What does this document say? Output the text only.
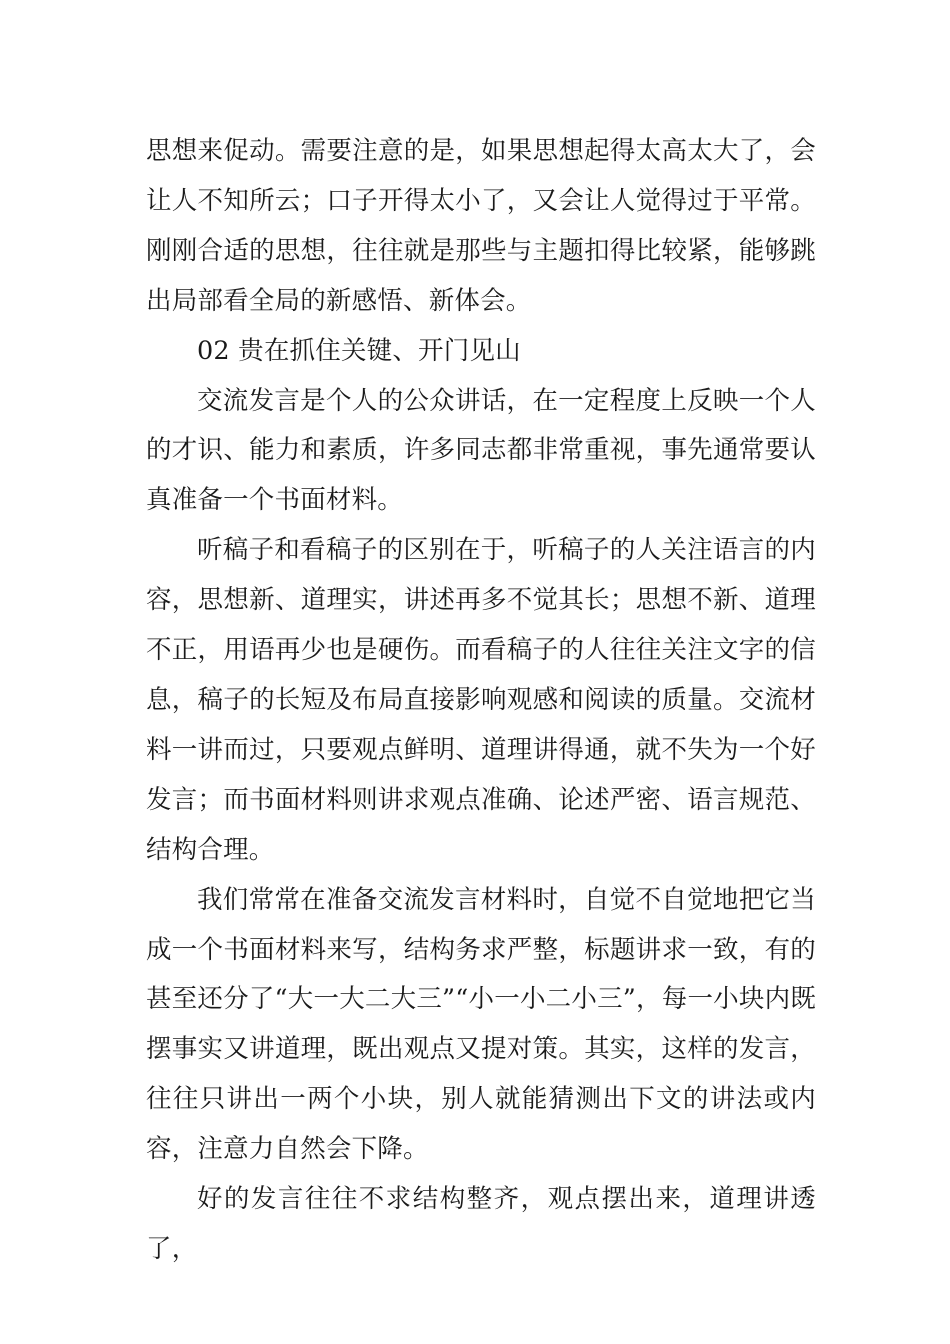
思想来促动。需要注意的是，如果思想起得太高太大了，会让人不知所云；口子开得太小了，又会让人觉得过于平常。刚刚合适的思想，往往就是那些与主题扣得比较紧，能够跳出局部看全局的新感悟、新体会。

02 贵在抓住关键、开门见山

交流发言是个人的公众讲话，在一定程度上反映一个人的才识、能力和素质，许多同志都非常重视，事先通常要认真准备一个书面材料。

听稿子和看稿子的区别在于，听稿子的人关注语言的内容，思想新、道理实，讲述再多不觉其长；思想不新、道理不正，用语再少也是硬伤。而看稿子的人往往关注文字的信息，稿子的长短及布局直接影响观感和阅读的质量。交流材料一讲而过，只要观点鲜明、道理讲得通，就不失为一个好发言；而书面材料则讲求观点准确、论述严密、语言规范、结构合理。

我们常常在准备交流发言材料时，自觉不自觉地把它当成一个书面材料来写，结构务求严整，标题讲求一致，有的甚至还分了“大一大二大三”“小一小二小三”，每一小块内既摆事实又讲道理，既出观点又提对策。其实，这样的发言，往往只讲出一两个小块，别人就能猜测出下文的讲法或内容，注意力自然会下降。

好的发言往往不求结构整齐，观点摆出来，道理讲透了，
